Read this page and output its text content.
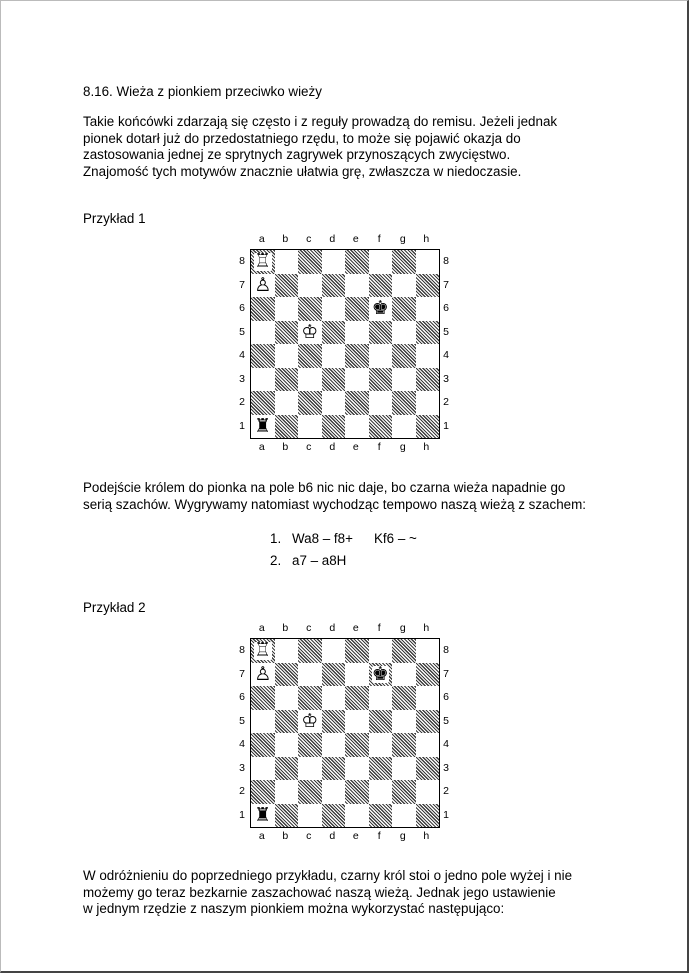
8.16. Wieża z pionkiem przeciwko wieży
Takie końcówki zdarzają się często i z reguły prowadzą do remisu. Jeżeli jednak
pionek dotarł już do przedostatniego rzędu, to może się pojawić okazja do
zastosowania jednej ze sprytnych zagrywek przynoszących zwycięstwo.
Znajomość tych motywów znacznie ułatwia grę, zwłaszcza w niedoczasie.
Przykład 1
a b c d e f g h
8
7
6
5
4
3
2
1
♖
♙
♚
♔
♜
8
7
6
5
4
3
2
1
a b c d e f g h
Podejście królem do pionka na pole b6 nic nic daje, bo czarna wieża napadnie go
serią szachów. Wygrywamy natomiast wychodząc tempowo naszą wieżą z szachem:
1. Wa8 – f8+ Kf6 – ~
2. a7 – a8H
Przykład 2
a b c d e f g h
8
7
6
5
4
3
2
1
♖
♙	♚
♔
♜
8
7
6
5
4
3
2
1
a b c d e f g h
W odróżnieniu do poprzedniego przykładu, czarny król stoi o jedno pole wyżej i nie
możemy go teraz bezkarnie zaszachować naszą wieżą. Jednak jego ustawienie
w jednym rzędzie z naszym pionkiem można wykorzystać następująco:
